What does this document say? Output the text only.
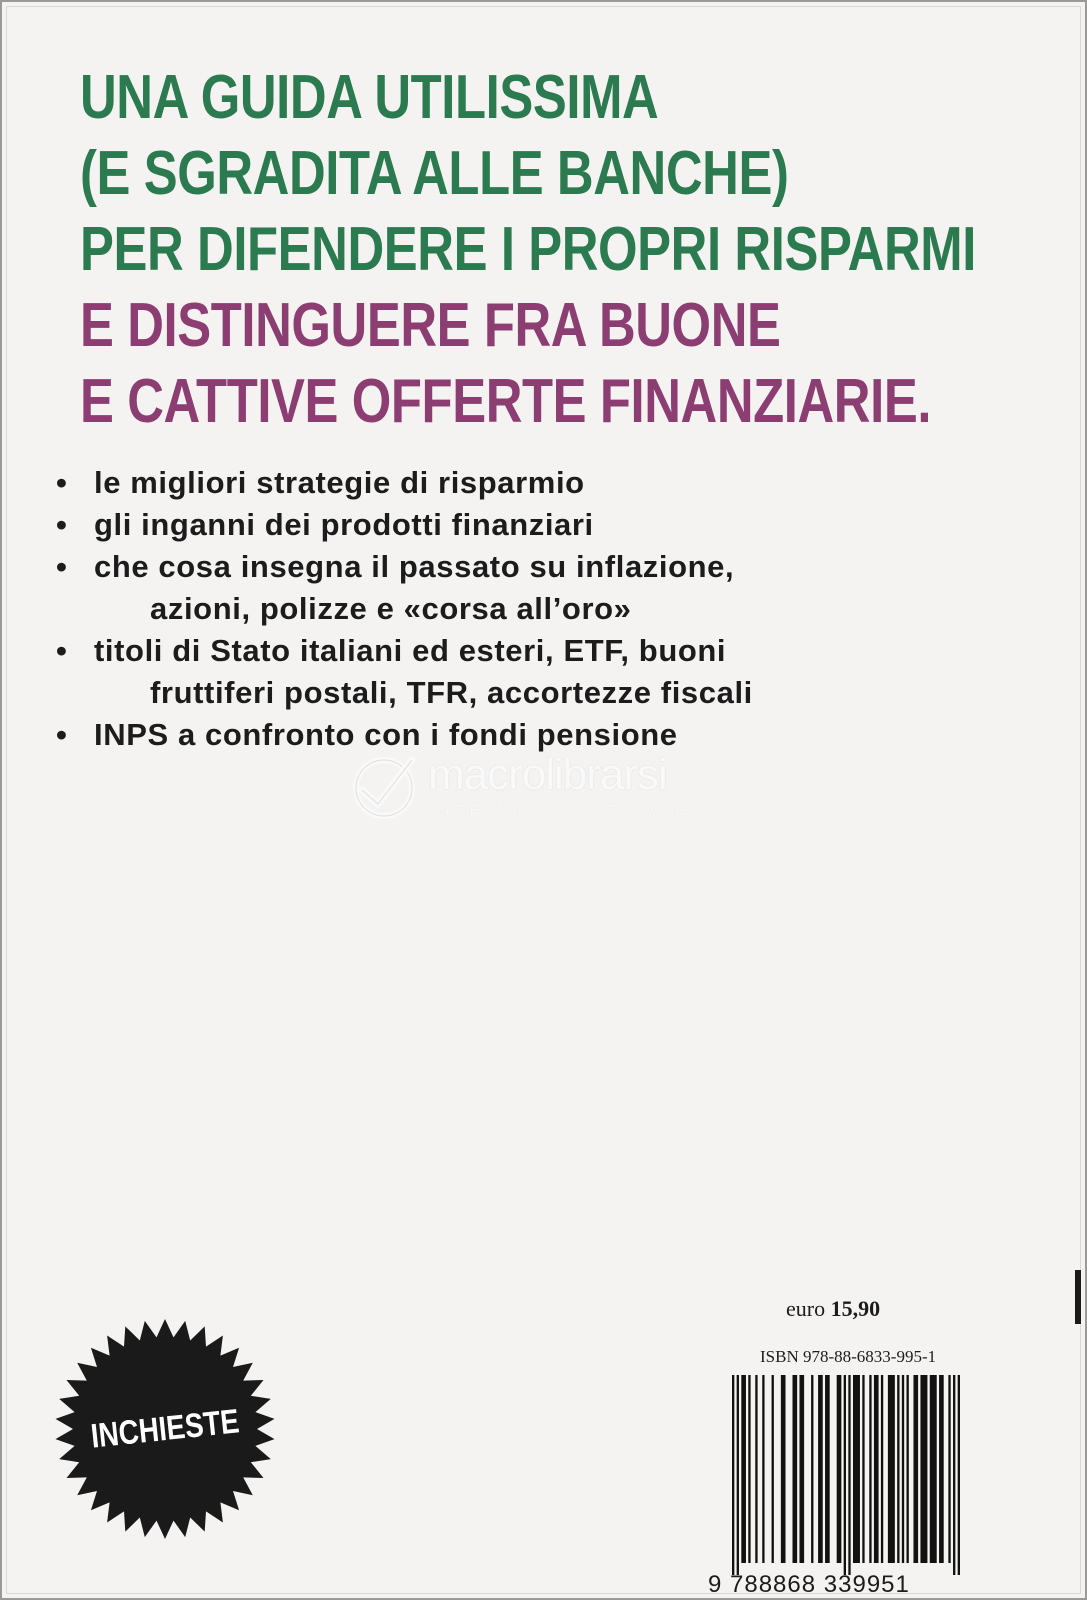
UNA GUIDA UTILISSIMA
(E SGRADITA ALLE BANCHE)
PER DIFENDERE I PROPRI RISPARMI
E DISTINGUERE FRA BUONE
E CATTIVE OFFERTE FINANZIARIE.
• le migliori strategie di risparmio
• gli inganni dei prodotti finanziari
• che cosa insegna il passato su inflazione,
azioni, polizze e «corsa all’oro»
• titoli di Stato italiani ed esteri, ETF, buoni
fruttiferi postali, TFR, accortezze fiscali
• INPS a confronto con i fondi pensione
macrolibrarsi
ALTERNATIVA NATURALE
euro 15,90
ISBN 978-88-6833-995-1
9 788868 339951
INCHIESTE
